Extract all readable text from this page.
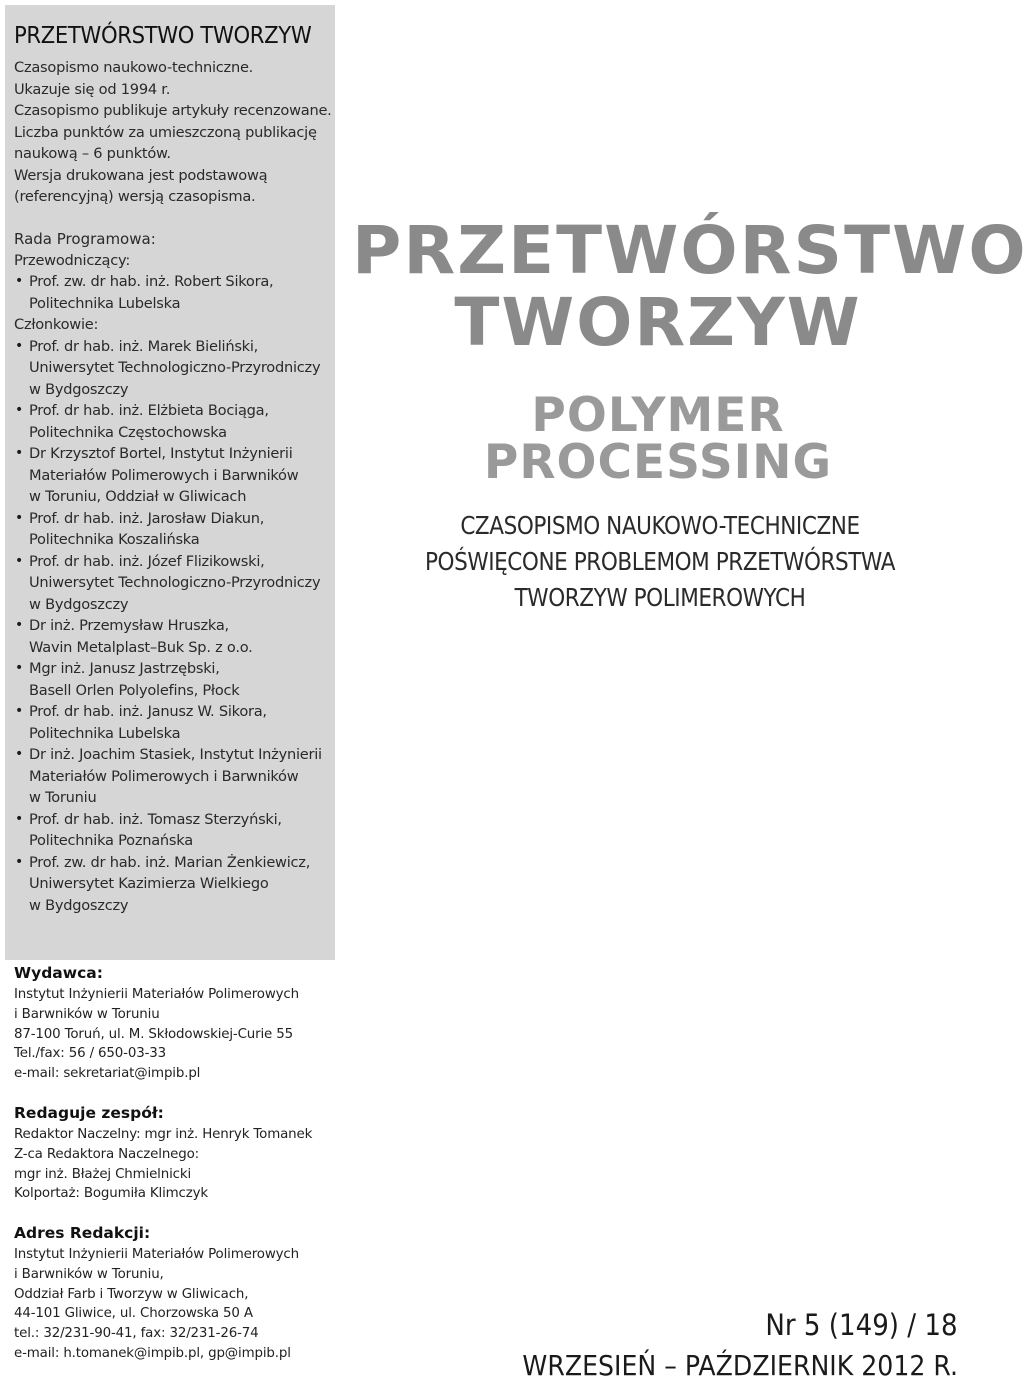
PRZETWÓRSTWO TWORZYW
Czasopismo naukowo-techniczne.
Ukazuje się od 1994 r.
Czasopismo publikuje artykuły recenzowane.
Liczba punktów za umieszczoną publikację
naukową – 6 punktów.
Wersja drukowana jest podstawową
(referencyjną) wersją czasopisma.
Rada Programowa:
Przewodniczący:
• Prof. zw. dr hab. inż. Robert Sikora,
Politechnika Lubelska
Członkowie:
• Prof. dr hab. inż. Marek Bieliński,
Uniwersytet Technologiczno-Przyrodniczy
w Bydgoszczy
• Prof. dr hab. inż. Elżbieta Bociąga,
Politechnika Częstochowska
• Dr Krzysztof Bortel, Instytut Inżynierii
Materiałów Polimerowych i Barwników
w Toruniu, Oddział w Gliwicach
• Prof. dr hab. inż. Jarosław Diakun,
Politechnika Koszalińska
• Prof. dr hab. inż. Józef Flizikowski,
Uniwersytet Technologiczno-Przyrodniczy
w Bydgoszczy
• Dr inż. Przemysław Hruszka,
Wavin Metalplast–Buk Sp. z o.o.
• Mgr inż. Janusz Jastrzębski,
Basell Orlen Polyolefins, Płock
• Prof. dr hab. inż. Janusz W. Sikora,
Politechnika Lubelska
• Dr inż. Joachim Stasiek, Instytut Inżynierii
Materiałów Polimerowych i Barwników
w Toruniu
• Prof. dr hab. inż. Tomasz Sterzyński,
Politechnika Poznańska
• Prof. zw. dr hab. inż. Marian Żenkiewicz,
Uniwersytet Kazimierza Wielkiego
w Bydgoszczy
Wydawca:
Instytut Inżynierii Materiałów Polimerowych
i Barwników w Toruniu
87-100 Toruń, ul. M. Skłodowskiej-Curie 55
Tel./fax: 56 / 650-03-33
e-mail: sekretariat@impib.pl
Redaguje zespół:
Redaktor Naczelny: mgr inż. Henryk Tomanek
Z-ca Redaktora Naczelnego:
mgr inż. Błażej Chmielnicki
Kolportaż: Bogumiła Klimczyk
Adres Redakcji:
Instytut Inżynierii Materiałów Polimerowych
i Barwników w Toruniu,
Oddział Farb i Tworzyw w Gliwicach,
44-101 Gliwice, ul. Chorzowska 50 A
tel.: 32/231-90-41, fax: 32/231-26-74
e-mail: h.tomanek@impib.pl, gp@impib.pl
PRZETWÓRSTWO
TWORZYW
POLYMER PROCESSING
CZASOPISMO NAUKOWO-TECHNICZNE
POŚWIĘCONE PROBLEMOM PRZETWÓRSTWA
TWORZYW POLIMEROWYCH
Nr 5 (149) / 18
WRZESIEŃ – PAŹDZIERNIK 2012 R.
